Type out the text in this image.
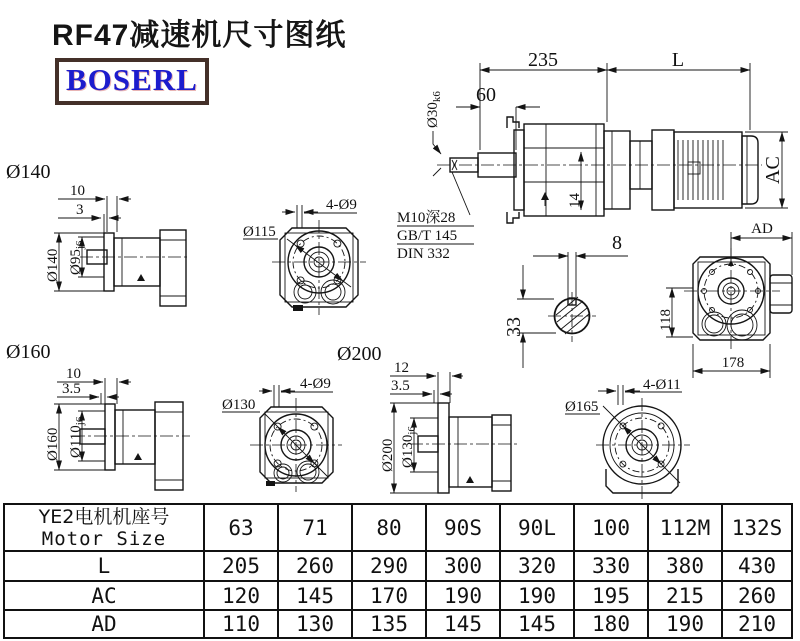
RF47减速机尺寸图纸
BOSERL
235	L
60
$Ø30_{k6}$
14
AC
AD
M10深28
GB/T 145
DIN 332	8
33	118
178
Ø140
10
3
Ø140 $Ø95_{j6}$
4-Ø9
Ø115
Ø160
10
3.5
Ø160 $Ø110_{j6}$
4-Ø9
Ø130
Ø200
12
3.5
Ø200 $Ø130_{j6}$
4-Ø11
Ø165
YE2电机机座号
Motor Size	63	71	80	90S	90L	100	112M	132S
L	205	260	290	300	320	330	380	430
AC	120	145	170	190	190	195	215	260
AD	110	130	135	145	145	180	190	210
